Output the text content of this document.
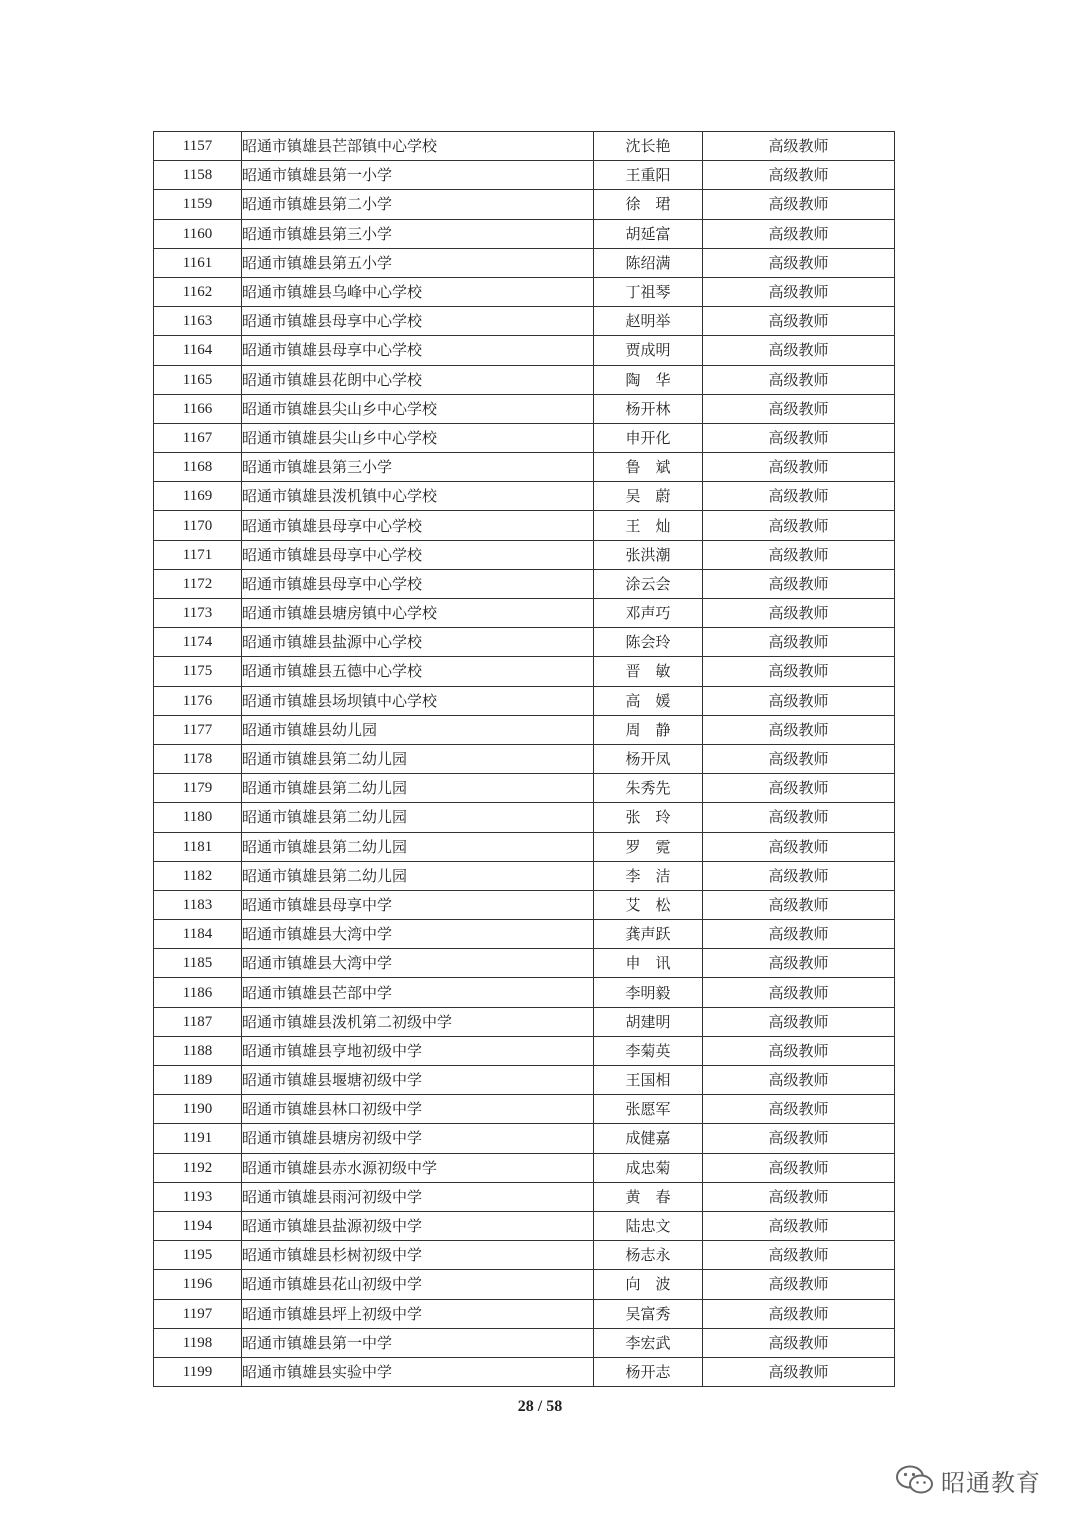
1157	昭通市镇雄县芒部镇中心学校	沈长艳	高级教师
1158	昭通市镇雄县第一小学	王重阳	高级教师
1159	昭通市镇雄县第二小学	徐　珺	高级教师
1160	昭通市镇雄县第三小学	胡延富	高级教师
1161	昭通市镇雄县第五小学	陈绍满	高级教师
1162	昭通市镇雄县乌峰中心学校	丁祖琴	高级教师
1163	昭通市镇雄县母享中心学校	赵明举	高级教师
1164	昭通市镇雄县母享中心学校	贾成明	高级教师
1165	昭通市镇雄县花朗中心学校	陶　华	高级教师
1166	昭通市镇雄县尖山乡中心学校	杨开林	高级教师
1167	昭通市镇雄县尖山乡中心学校	申开化	高级教师
1168	昭通市镇雄县第三小学	鲁　斌	高级教师
1169	昭通市镇雄县泼机镇中心学校	吴　蔚	高级教师
1170	昭通市镇雄县母享中心学校	王　灿	高级教师
1171	昭通市镇雄县母享中心学校	张洪潮	高级教师
1172	昭通市镇雄县母享中心学校	涂云会	高级教师
1173	昭通市镇雄县塘房镇中心学校	邓声巧	高级教师
1174	昭通市镇雄县盐源中心学校	陈会玲	高级教师
1175	昭通市镇雄县五德中心学校	晋　敏	高级教师
1176	昭通市镇雄县场坝镇中心学校	高　媛	高级教师
1177	昭通市镇雄县幼儿园	周　静	高级教师
1178	昭通市镇雄县第二幼儿园	杨开凤	高级教师
1179	昭通市镇雄县第二幼儿园	朱秀先	高级教师
1180	昭通市镇雄县第二幼儿园	张　玲	高级教师
1181	昭通市镇雄县第二幼儿园	罗　霓	高级教师
1182	昭通市镇雄县第二幼儿园	李　洁	高级教师
1183	昭通市镇雄县母享中学	艾　松	高级教师
1184	昭通市镇雄县大湾中学	龚声跃	高级教师
1185	昭通市镇雄县大湾中学	申　讯	高级教师
1186	昭通市镇雄县芒部中学	李明毅	高级教师
1187	昭通市镇雄县泼机第二初级中学	胡建明	高级教师
1188	昭通市镇雄县亨地初级中学	李菊英	高级教师
1189	昭通市镇雄县堰塘初级中学	王国相	高级教师
1190	昭通市镇雄县林口初级中学	张愿军	高级教师
1191	昭通市镇雄县塘房初级中学	成健嘉	高级教师
1192	昭通市镇雄县赤水源初级中学	成忠菊	高级教师
1193	昭通市镇雄县雨河初级中学	黄　春	高级教师
1194	昭通市镇雄县盐源初级中学	陆忠文	高级教师
1195	昭通市镇雄县杉树初级中学	杨志永	高级教师
1196	昭通市镇雄县花山初级中学	向　波	高级教师
1197	昭通市镇雄县坪上初级中学	吴富秀	高级教师
1198	昭通市镇雄县第一中学	李宏武	高级教师
1199	昭通市镇雄县实验中学	杨开志	高级教师
28 / 58
昭通教育
